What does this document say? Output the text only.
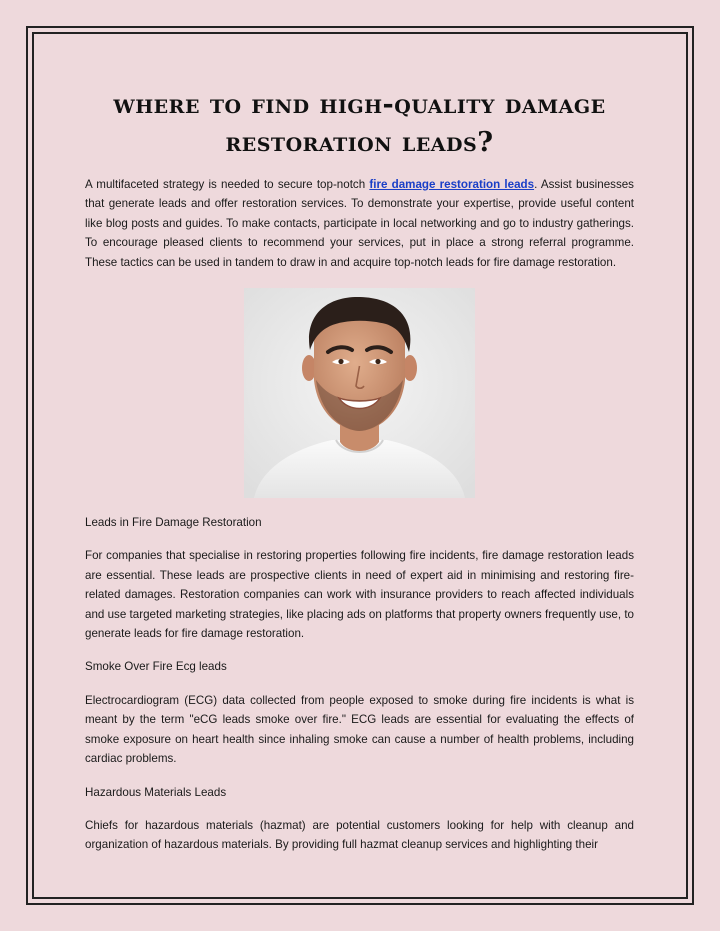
where to find high-quality damage
restoration leads?

A multifaceted strategy is needed to secure top-notch fire damage restoration leads. Assist businesses that generate leads and offer restoration services. To demonstrate your expertise, provide useful content like blog posts and guides. To make contacts, participate in local networking and go to industry gatherings. To encourage pleased clients to recommend your services, put in place a strong referral programme. These tactics can be used in tandem to draw in and acquire top-notch leads for fire damage restoration.

Leads in Fire Damage Restoration

For companies that specialise in restoring properties following fire incidents, fire damage restoration leads are essential. These leads are prospective clients in need of expert aid in minimising and restoring fire-related damages. Restoration companies can work with insurance providers to reach affected individuals and use targeted marketing strategies, like placing ads on platforms that property owners frequently use, to generate leads for fire damage restoration.

Smoke Over Fire Ecg leads

Electrocardiogram (ECG) data collected from people exposed to smoke during fire incidents is what is meant by the term "eCG leads smoke over fire." ECG leads are essential for evaluating the effects of smoke exposure on heart health since inhaling smoke can cause a number of health problems, including cardiac problems.

Hazardous Materials Leads

Chiefs for hazardous materials (hazmat) are potential customers looking for help with cleanup and organization of hazardous materials. By providing full hazmat cleanup services and highlighting their
